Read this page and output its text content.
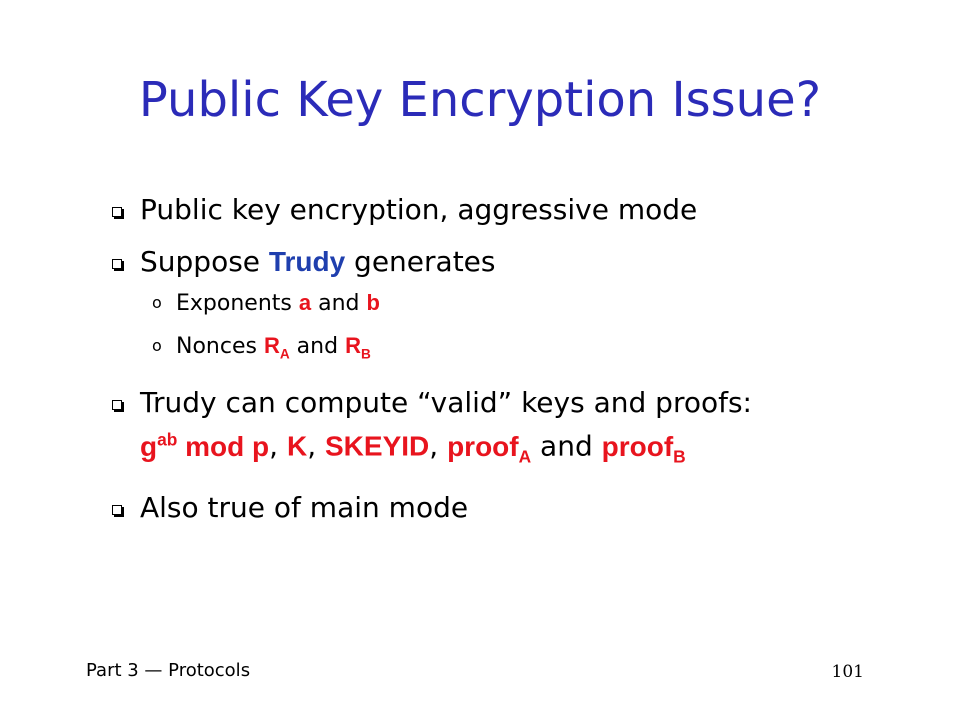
Public Key Encryption Issue?
Public key encryption, aggressive mode
Suppose Trudy generates
o Exponents a and b
o Nonces $R_A$ and $R_B$
Trudy can compute “valid” keys and proofs:
$g^{ab}$ mod p, K, SKEYID, proof$_A$ and proof$_B$
Also true of main mode
Part 3 — Protocols	101
